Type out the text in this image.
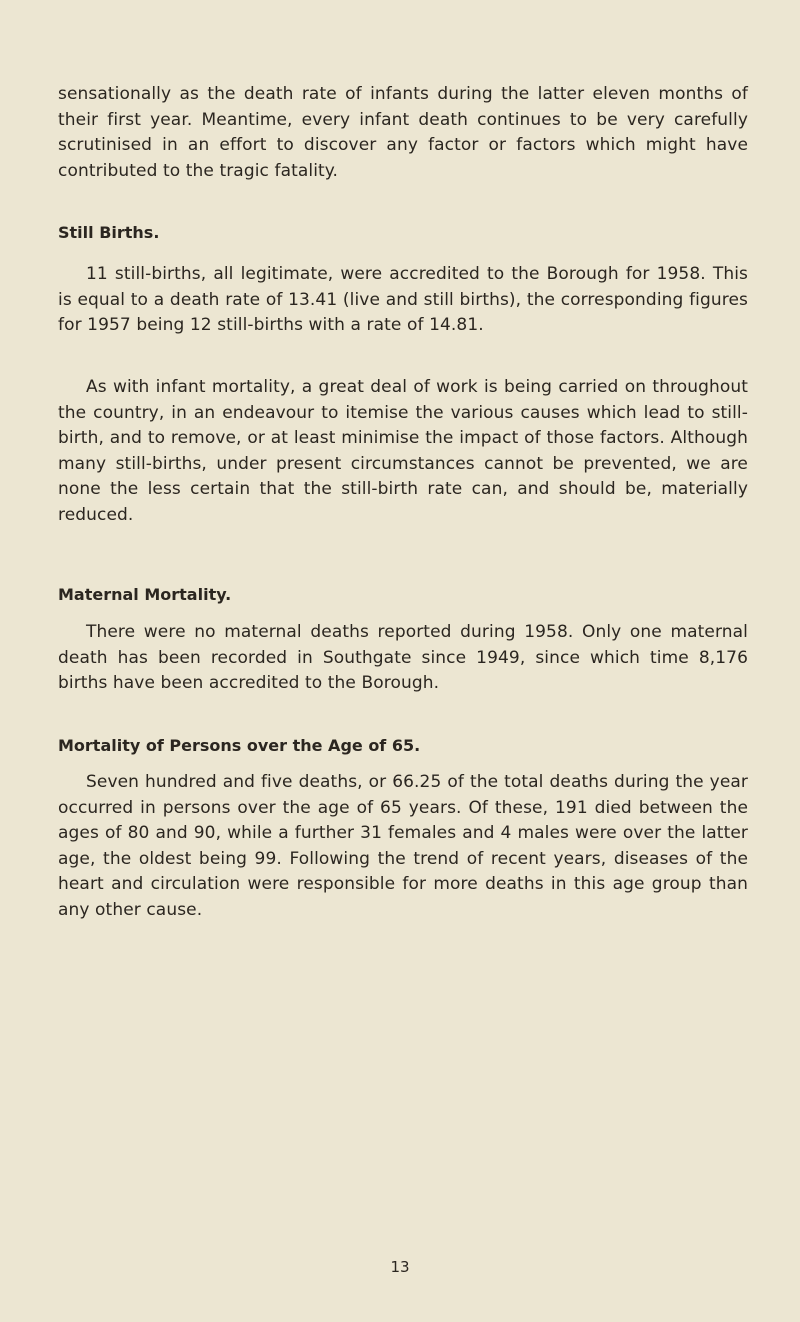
sensationally as the death rate of infants during the latter eleven months of their first year. Meantime, every infant death continues to be very carefully scrutinised in an effort to discover any factor or factors which might have contributed to the tragic fatality.

Still Births.

11 still-births, all legitimate, were accredited to the Borough for 1958. This is equal to a death rate of 13.41 (live and still births), the corresponding figures for 1957 being 12 still-births with a rate of 14.81.

As with infant mortality, a great deal of work is being carried on throughout the country, in an endeavour to itemise the various causes which lead to still-birth, and to remove, or at least minimise the impact of those factors. Although many still-births, under present circumstances cannot be prevented, we are none the less certain that the still-birth rate can, and should be, materially reduced.

Maternal Mortality.

There were no maternal deaths reported during 1958. Only one maternal death has been recorded in Southgate since 1949, since which time 8,176 births have been accredited to the Borough.

Mortality of Persons over the Age of 65.

Seven hundred and five deaths, or 66.25 of the total deaths during the year occurred in persons over the age of 65 years. Of these, 191 died between the ages of 80 and 90, while a further 31 females and 4 males were over the latter age, the oldest being 99. Following the trend of recent years, diseases of the heart and circulation were responsible for more deaths in this age group than any other cause.

13
